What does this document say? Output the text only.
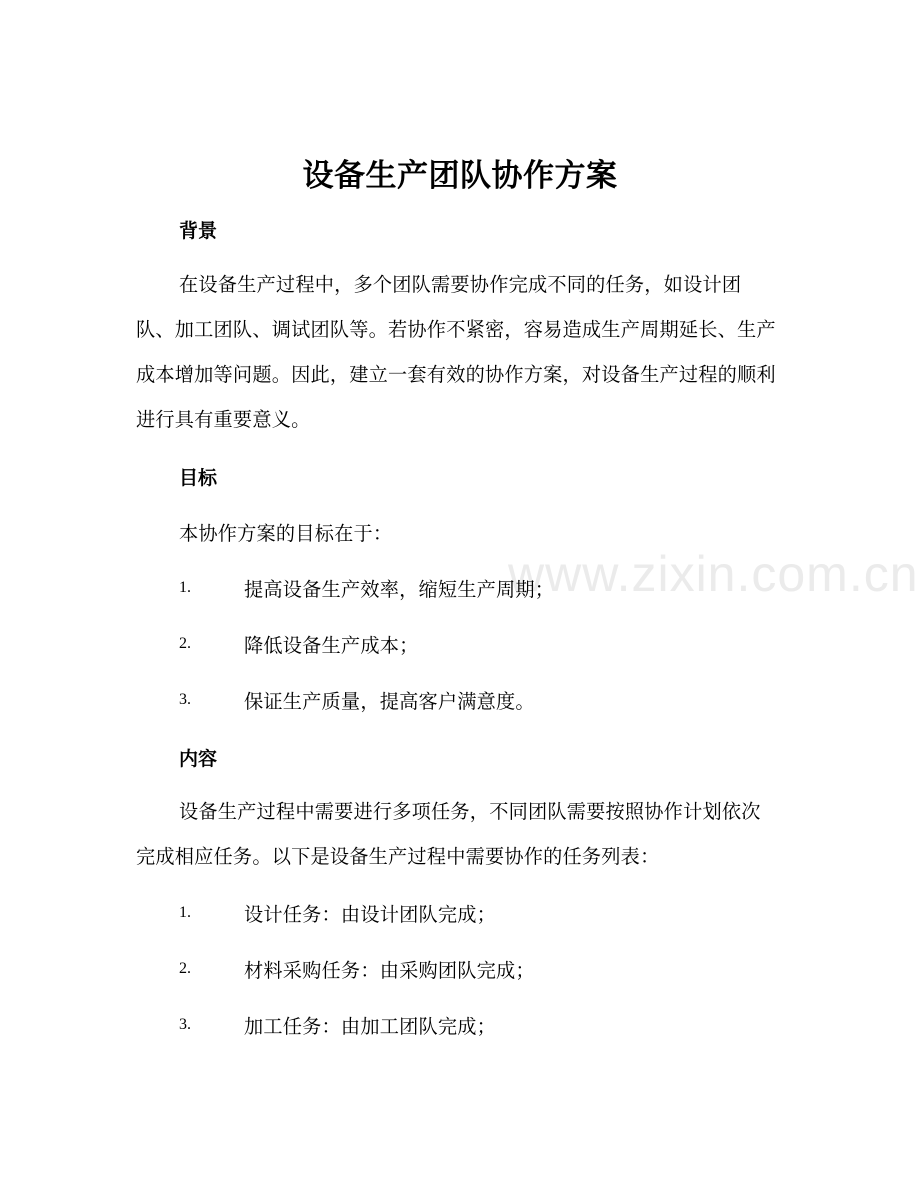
www.zixin.com.cn
设备生产团队协作方案
背景

在设备生产过程中，多个团队需要协作完成不同的任务，如设计团队、加工团队、调试团队等。若协作不紧密，容易造成生产周期延长、生产成本增加等问题。因此，建立一套有效的协作方案，对设备生产过程的顺利进行具有重要意义。

目标
本协作方案的目标在于：
1.	提高设备生产效率，缩短生产周期；
2.	降低设备生产成本；
3.	保证生产质量，提高客户满意度。
内容

设备生产过程中需要进行多项任务，不同团队需要按照协作计划依次完成相应任务。以下是设备生产过程中需要协作的任务列表：

1.	设计任务：由设计团队完成；
2.	材料采购任务：由采购团队完成；
3.	加工任务：由加工团队完成；
